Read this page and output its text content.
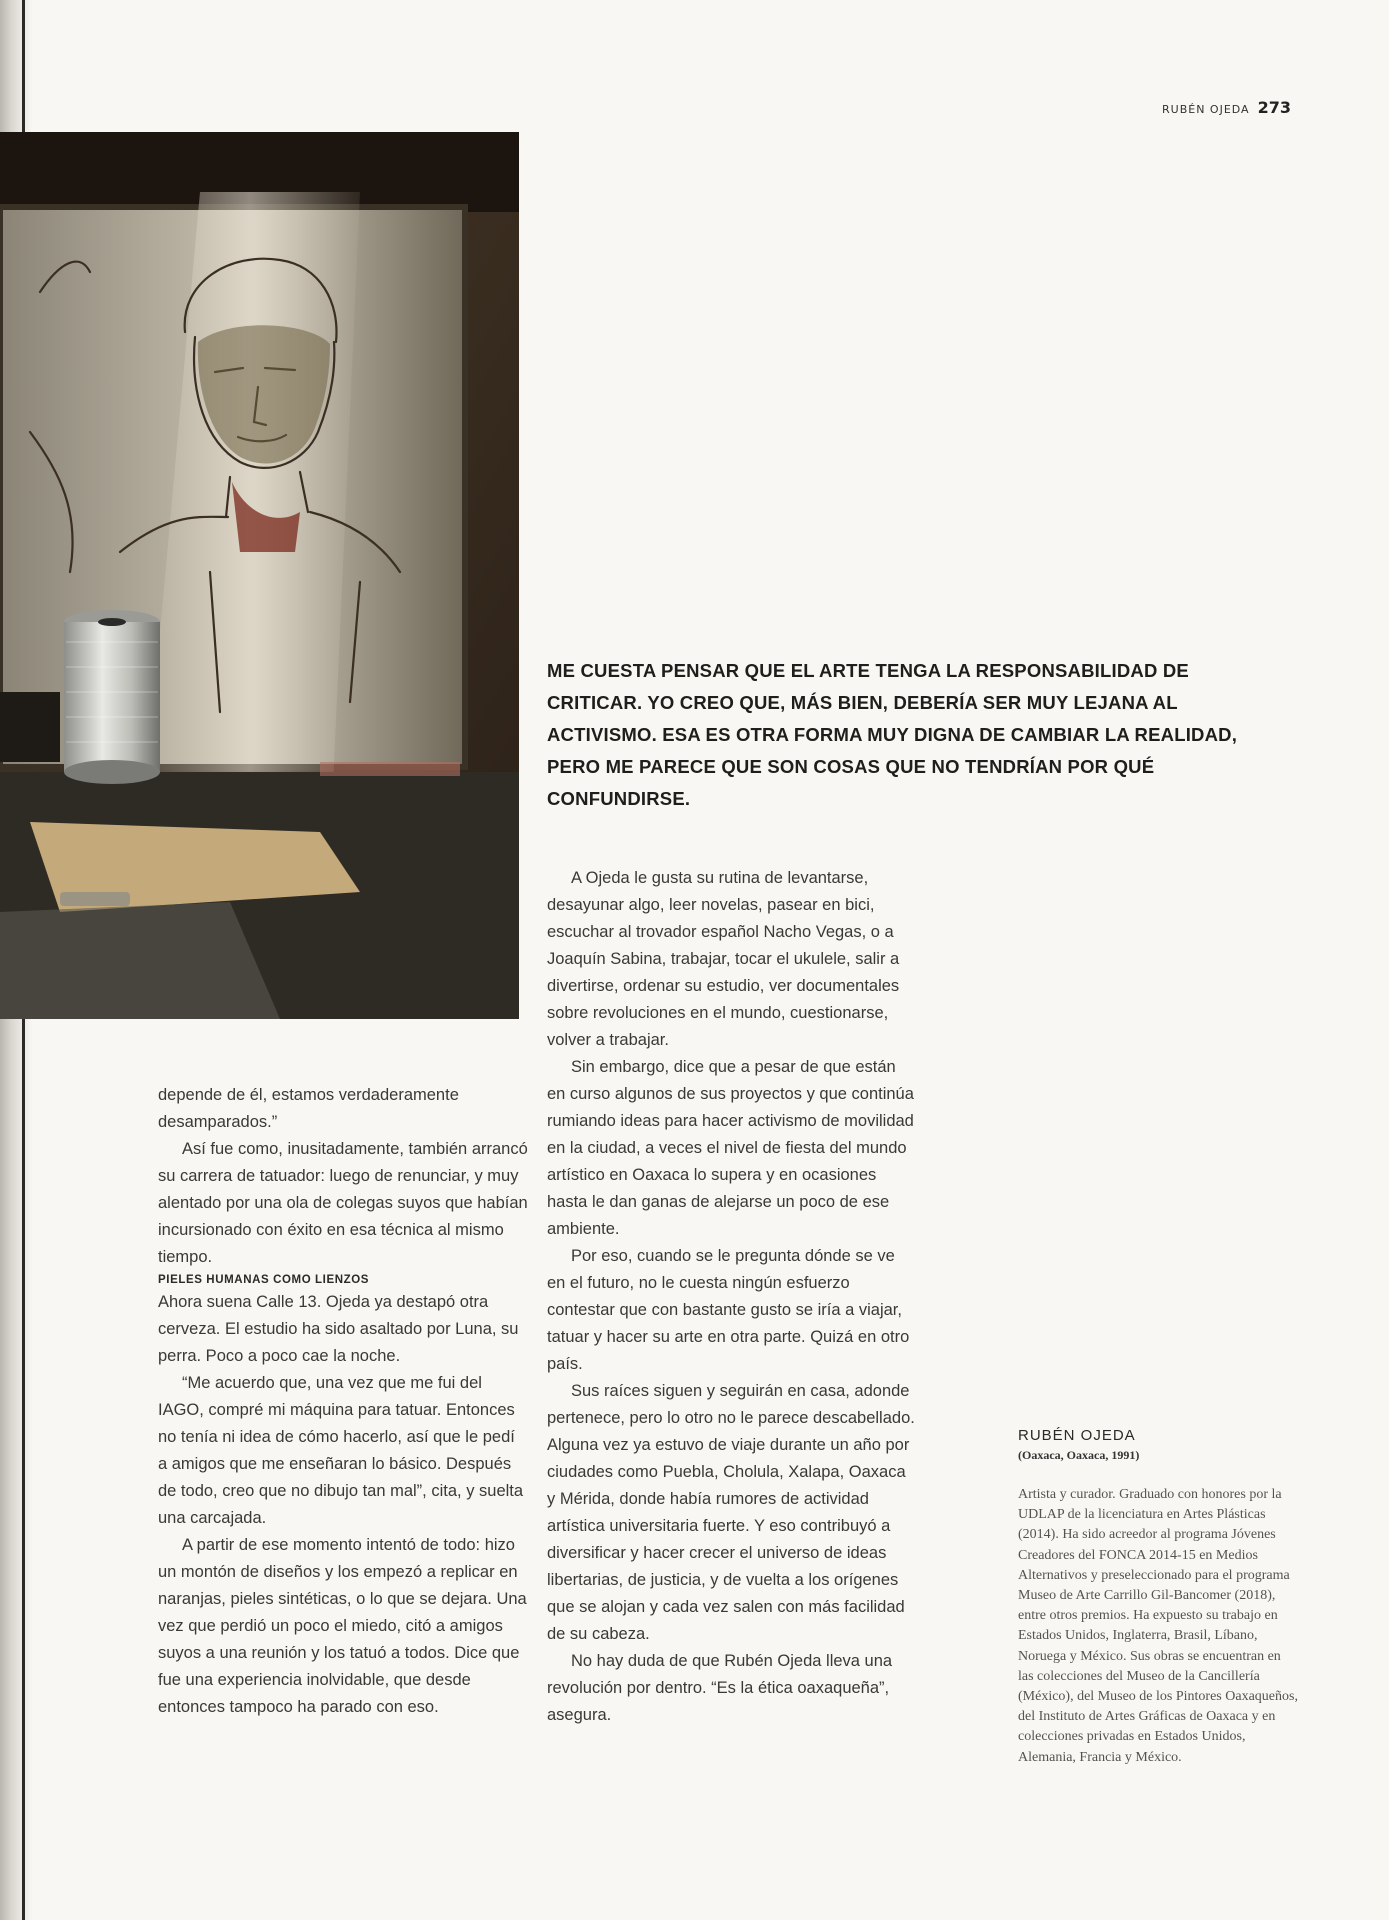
RUBÉN OJEDA 273
ME CUESTA PENSAR QUE EL ARTE TENGA LA RESPONSABILIDAD DE CRITICAR. YO CREO QUE, MÁS BIEN, DEBERÍA SER MUY LEJANA AL ACTIVISMO. ESA ES OTRA FORMA MUY DIGNA DE CAMBIAR LA REALIDAD, PERO ME PARECE QUE SON COSAS QUE NO TENDRÍAN POR QUÉ CONFUNDIRSE.

depende de él, estamos verdaderamente desamparados.”

Así fue como, inusitadamente, también arrancó su carrera de tatuador: luego de renunciar, y muy alentado por una ola de colegas suyos que habían incursionado con éxito en esa técnica al mismo tiempo.

PIELES HUMANAS COMO LIENZOS

Ahora suena Calle 13. Ojeda ya destapó otra cerveza. El estudio ha sido asaltado por Luna, su perra. Poco a poco cae la noche.

“Me acuerdo que, una vez que me fui del IAGO, compré mi máquina para tatuar. Entonces no tenía ni idea de cómo hacerlo, así que le pedí a amigos que me enseñaran lo básico. Después de todo, creo que no dibujo tan mal”, cita, y suelta una carcajada.

A partir de ese momento intentó de todo: hizo un montón de diseños y los empezó a replicar en naranjas, pieles sintéticas, o lo que se dejara. Una vez que perdió un poco el miedo, citó a amigos suyos a una reunión y los tatuó a todos. Dice que fue una experiencia inolvidable, que desde entonces tampoco ha parado con eso.

A Ojeda le gusta su rutina de levantarse, desayunar algo, leer novelas, pasear en bici, escuchar al trovador español Nacho Vegas, o a Joaquín Sabina, trabajar, tocar el ukulele, salir a divertirse, ordenar su estudio, ver documentales sobre revoluciones en el mundo, cuestionarse, volver a trabajar.

Sin embargo, dice que a pesar de que están en curso algunos de sus proyectos y que continúa rumiando ideas para hacer activismo de movilidad en la ciudad, a veces el nivel de fiesta del mundo artístico en Oaxaca lo supera y en ocasiones hasta le dan ganas de alejarse un poco de ese ambiente.

Por eso, cuando se le pregunta dónde se ve en el futuro, no le cuesta ningún esfuerzo contestar que con bastante gusto se iría a viajar, tatuar y hacer su arte en otra parte. Quizá en otro país.

Sus raíces siguen y seguirán en casa, adonde pertenece, pero lo otro no le parece descabellado. Alguna vez ya estuvo de viaje durante un año por ciudades como Puebla, Cholula, Xalapa, Oaxaca y Mérida, donde había rumores de actividad artística universitaria fuerte. Y eso contribuyó a diversificar y hacer crecer el universo de ideas libertarias, de justicia, y de vuelta a los orígenes que se alojan y cada vez salen con más facilidad de su cabeza.

No hay duda de que Rubén Ojeda lleva una revolución por dentro. “Es la ética oaxaqueña”, asegura.

RUBÉN OJEDA
(Oaxaca, Oaxaca, 1991)
Artista y curador. Graduado con honores por la UDLAP de la licenciatura en Artes Plásticas (2014). Ha sido acreedor al programa Jóvenes Creadores del FONCA 2014-15 en Medios Alternativos y preseleccionado para el programa Museo de Arte Carrillo Gil-Bancomer (2018), entre otros premios. Ha expuesto su trabajo en Estados Unidos, Inglaterra, Brasil, Líbano, Noruega y México. Sus obras se encuentran en las colecciones del Museo de la Cancillería (México), del Museo de los Pintores Oaxaqueños, del Instituto de Artes Gráficas de Oaxaca y en colecciones privadas en Estados Unidos, Alemania, Francia y México.
